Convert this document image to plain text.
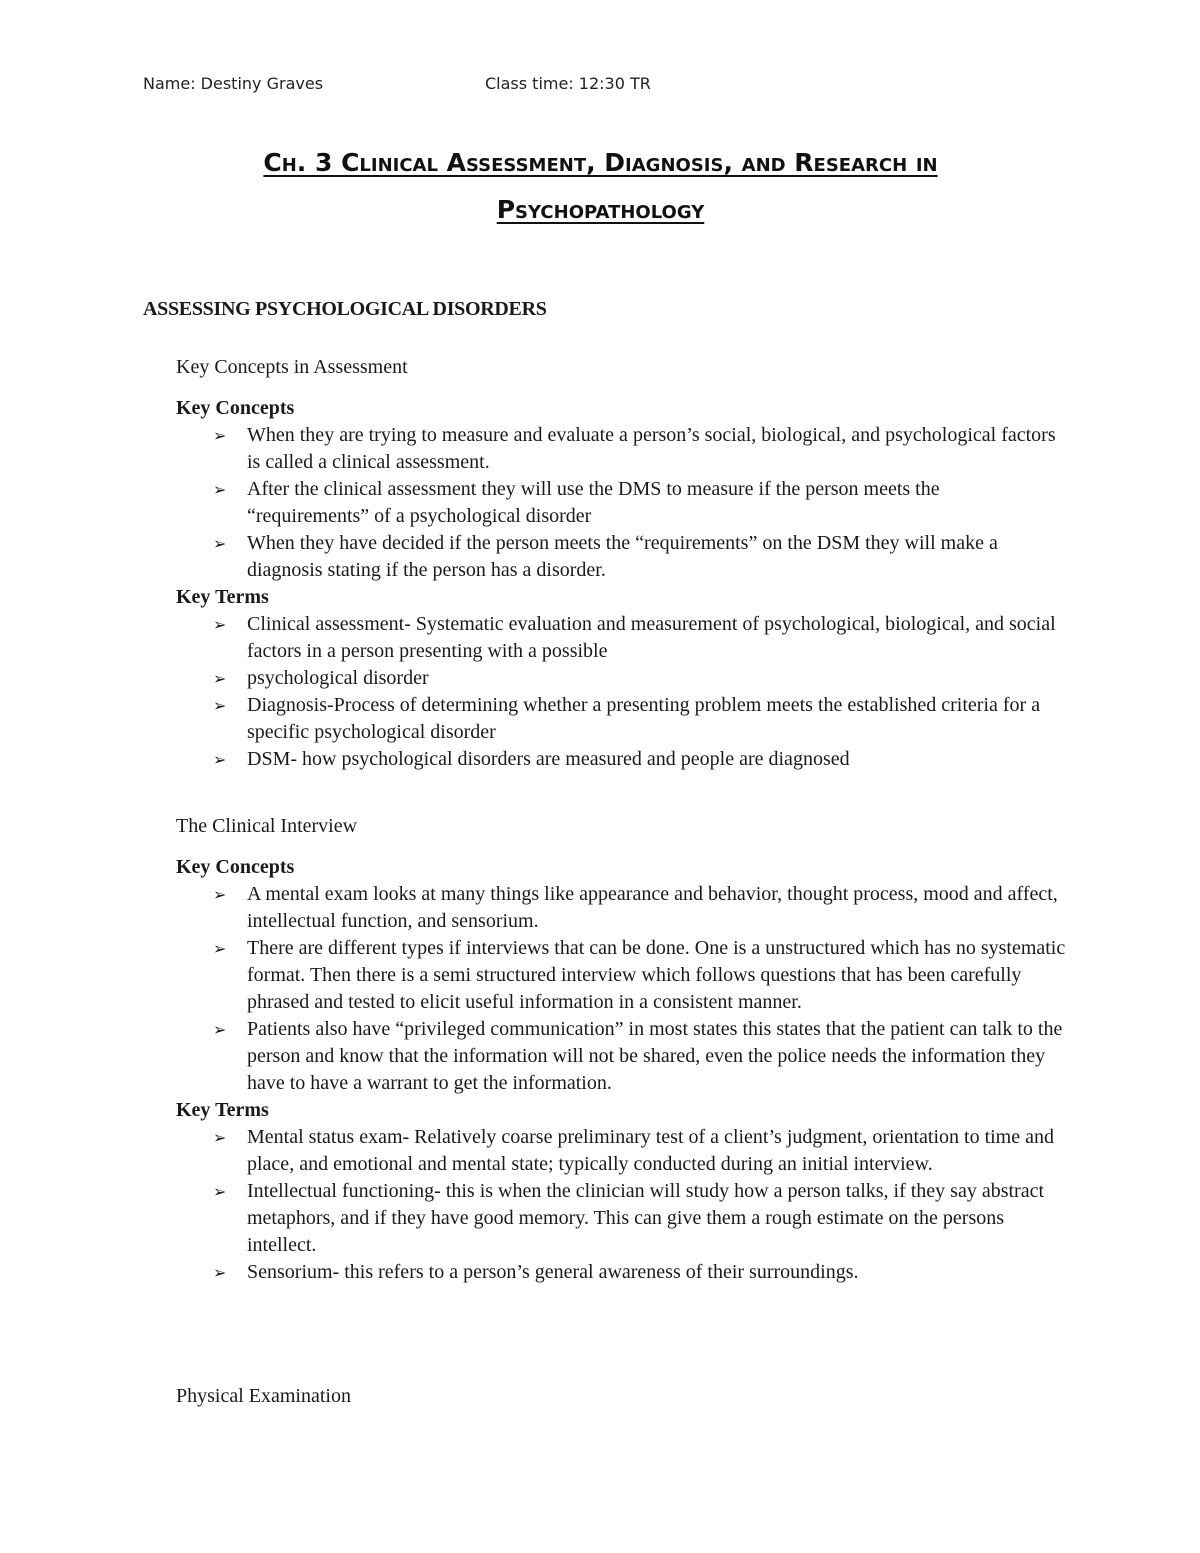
Name: Destiny Graves	Class time: 12:30 TR
Ch. 3 Clinical Assessment, Diagnosis, and Research in
Psychopathology
ASSESSING PSYCHOLOGICAL DISORDERS

Key Concepts in Assessment

Key Concepts

➢ When they are trying to measure and evaluate a person’s social, biological, and psychological factors is called a clinical assessment.
➢ After the clinical assessment they will use the DMS to measure if the person meets the “requirements” of a psychological disorder
➢ When they have decided if the person meets the “requirements” on the DSM they will make a diagnosis stating if the person has a disorder.

Key Terms

➢ Clinical assessment- Systematic evaluation and measurement of psychological, biological, and social factors in a person presenting with a possible
➢ psychological disorder
➢ Diagnosis-Process of determining whether a presenting problem meets the established criteria for a specific psychological disorder
➢ DSM- how psychological disorders are measured and people are diagnosed

The Clinical Interview

Key Concepts

➢ A mental exam looks at many things like appearance and behavior, thought process, mood and affect, intellectual function, and sensorium.
➢ There are different types if interviews that can be done. One is a unstructured which has no systematic format. Then there is a semi structured interview which follows questions that has been carefully phrased and tested to elicit useful information in a consistent manner.
➢ Patients also have “privileged communication” in most states this states that the patient can talk to the person and know that the information will not be shared, even the police needs the information they have to have a warrant to get the information.

Key Terms

➢ Mental status exam- Relatively coarse preliminary test of a client’s judgment, orientation to time and place, and emotional and mental state; typically conducted during an initial interview.
➢ Intellectual functioning- this is when the clinician will study how a person talks, if they say abstract metaphors, and if they have good memory. This can give them a rough estimate on the persons intellect.
➢ Sensorium- this refers to a person’s general awareness of their surroundings.

Physical Examination
